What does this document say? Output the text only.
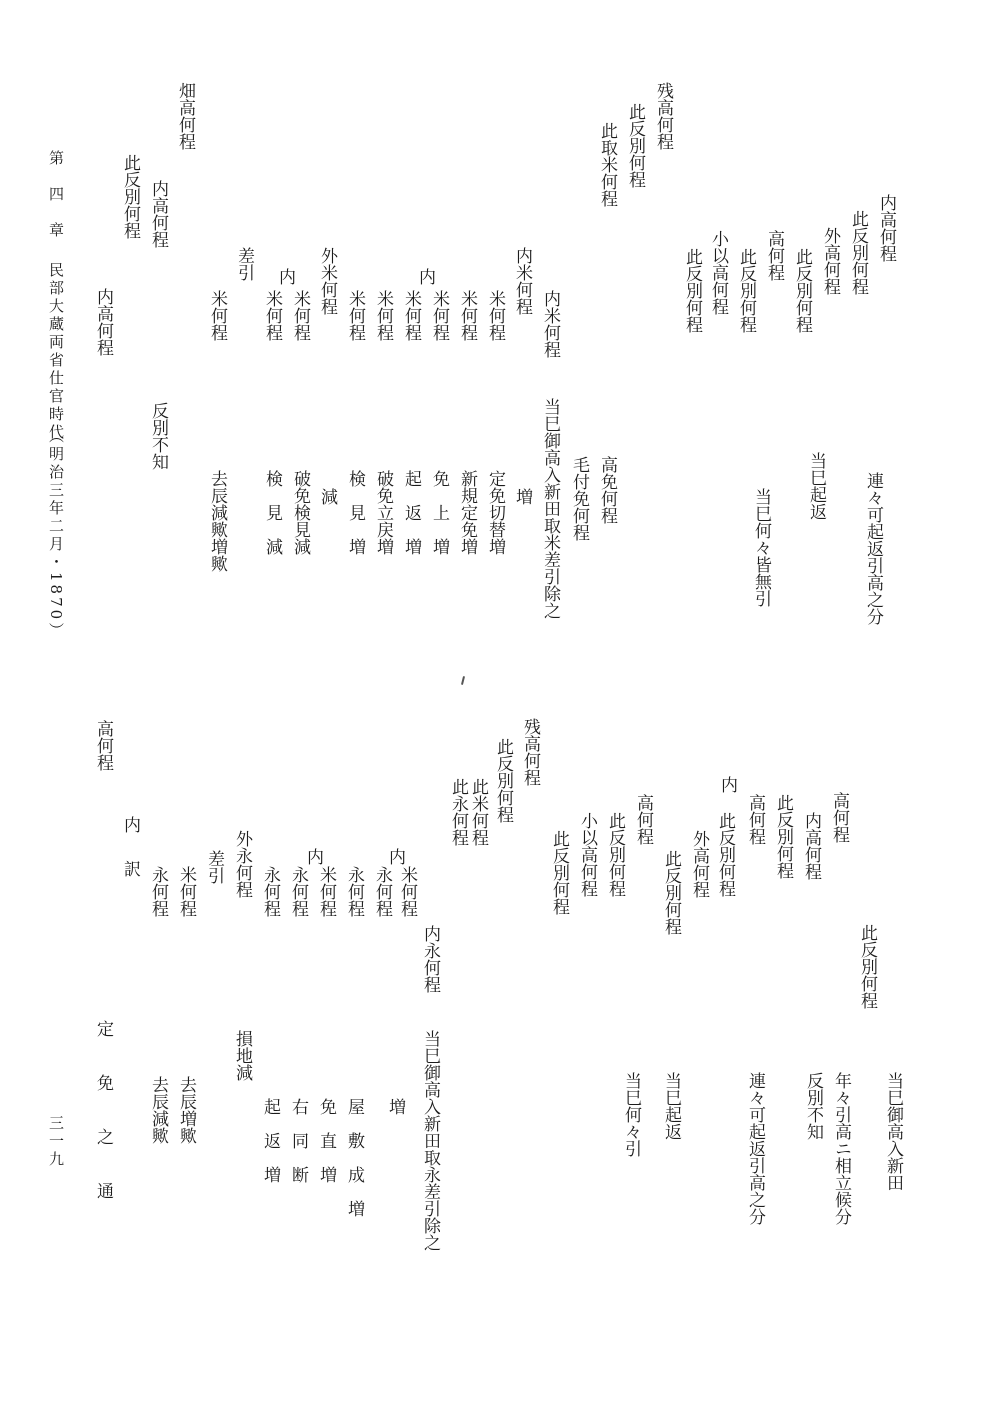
第　四　章
民部大蔵両省仕官時代
（明治三年二月・1870）
三一九
畑高何程
此反別何程 内高何程
内高何程
反別不知
差引
米何程
去辰減歟増歟
内
米何程
検　見　減
外米何程
米何程
破免検見減 減
米何程
検　見　増
米何程
破免立戻増
内
米何程
起　返　増
米何程
免　上　増
米何程
新規定免増
内米何程
米何程
定免切替増 増
内米何程
当巳御高入新田取米差引除之 毛付免何程 高免何程
残高何程
此反別何程
此取米何程
此反別何程 小以高何程 此反別何程 高何程
当巳何々皆無引
此反別何程 外高何程
当巳起返
此反別何程 内高何程
連々可起返引高之分
高何程
内
訳
定　免　之　通
永何程 米何程
去辰増歟
去辰減歟
差引 外永何程
損地減
永何程
起　返　増
内
永何程 米何程
右　同　断
永何程
免　直　増
内
永何程 米何程
屋　敷　成　増 増
内永何程
当巳御高入新田取永差引除之
此永何程 此米何程 此反別何程 残高何程
此反別何程 小以高何程 此反別何程 高何程
当巳何々引
此反別何程
当巳起返
外高何程
内
此反別何程 高何程
連々可起返引高之分
此反別何程
反別不知
内高何程
年々引高ニ相立候分
高何程
此反別何程
当巳御高入新田
